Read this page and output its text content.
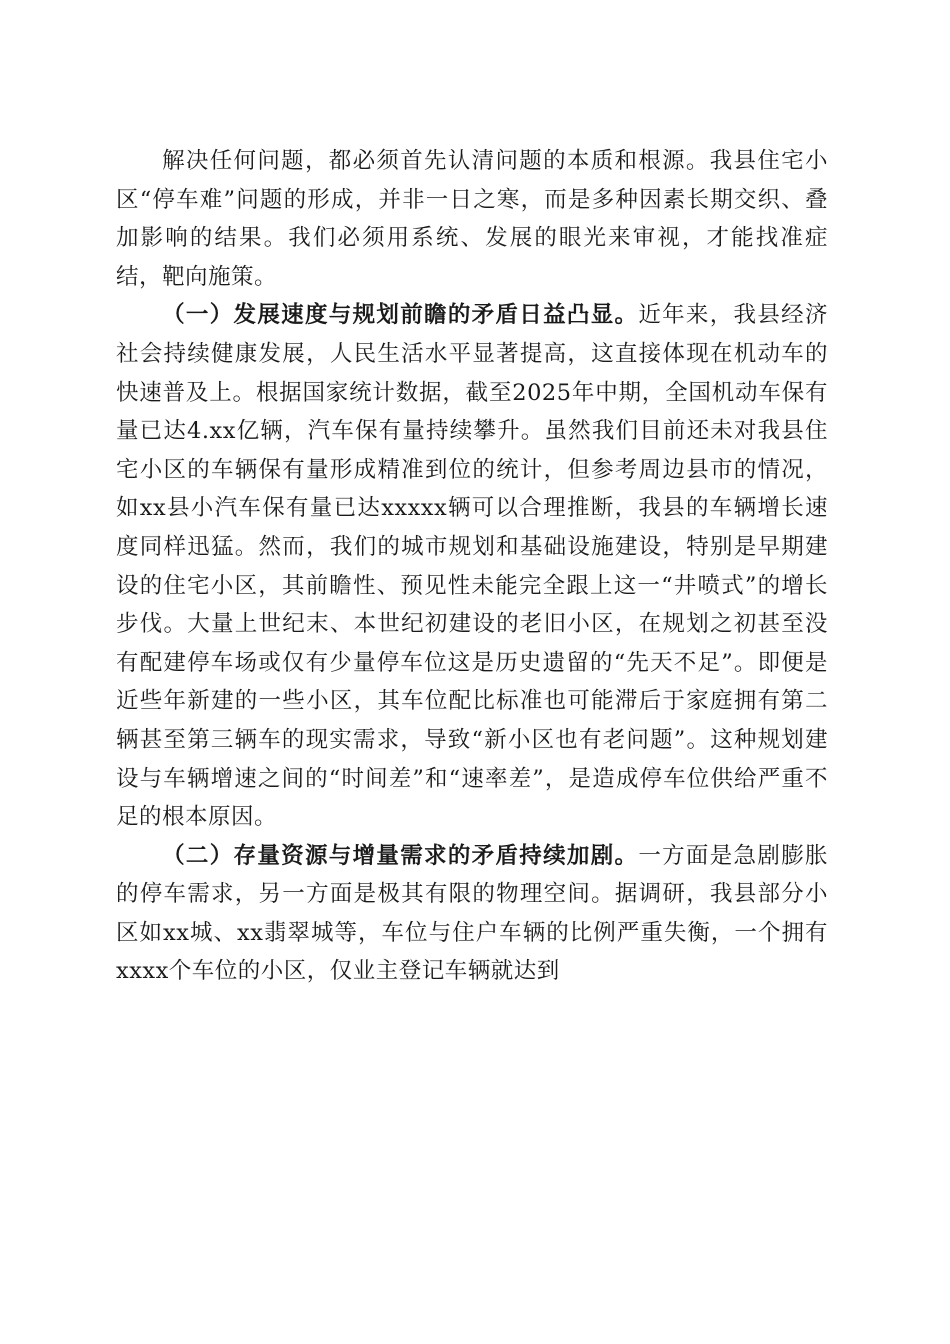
解决任何问题，都必须首先认清问题的本质和根源。我县住宅小区“停车难”问题的形成，并非一日之寒，而是多种因素长期交织、叠加影响的结果。我们必须用系统、发展的眼光来审视，才能找准症结，靶向施策。

（一）发展速度与规划前瞻的矛盾日益凸显。近年来，我县经济社会持续健康发展，人民生活水平显著提高，这直接体现在机动车的快速普及上。根据国家统计数据，截至2025年中期，全国机动车保有量已达4.xx亿辆，汽车保有量持续攀升。虽然我们目前还未对我县住宅小区的车辆保有量形成精准到位的统计，但参考周边县市的情况，如xx县小汽车保有量已达xxxxx辆可以合理推断，我县的车辆增长速度同样迅猛。然而，我们的城市规划和基础设施建设，特别是早期建设的住宅小区，其前瞻性、预见性未能完全跟上这一“井喷式”的增长步伐。大量上世纪末、本世纪初建设的老旧小区，在规划之初甚至没有配建停车场或仅有少量停车位这是历史遗留的“先天不足”。即便是近些年新建的一些小区，其车位配比标准也可能滞后于家庭拥有第二辆甚至第三辆车的现实需求，导致“新小区也有老问题”。这种规划建设与车辆增速之间的“时间差”和“速率差”，是造成停车位供给严重不足的根本原因。

（二）存量资源与增量需求的矛盾持续加剧。一方面是急剧膨胀的停车需求，另一方面是极其有限的物理空间。据调研，我县部分小区如xx城、xx翡翠城等，车位与住户车辆的比例严重失衡，一个拥有xxxx个车位的小区，仅业主登记车辆就达到
